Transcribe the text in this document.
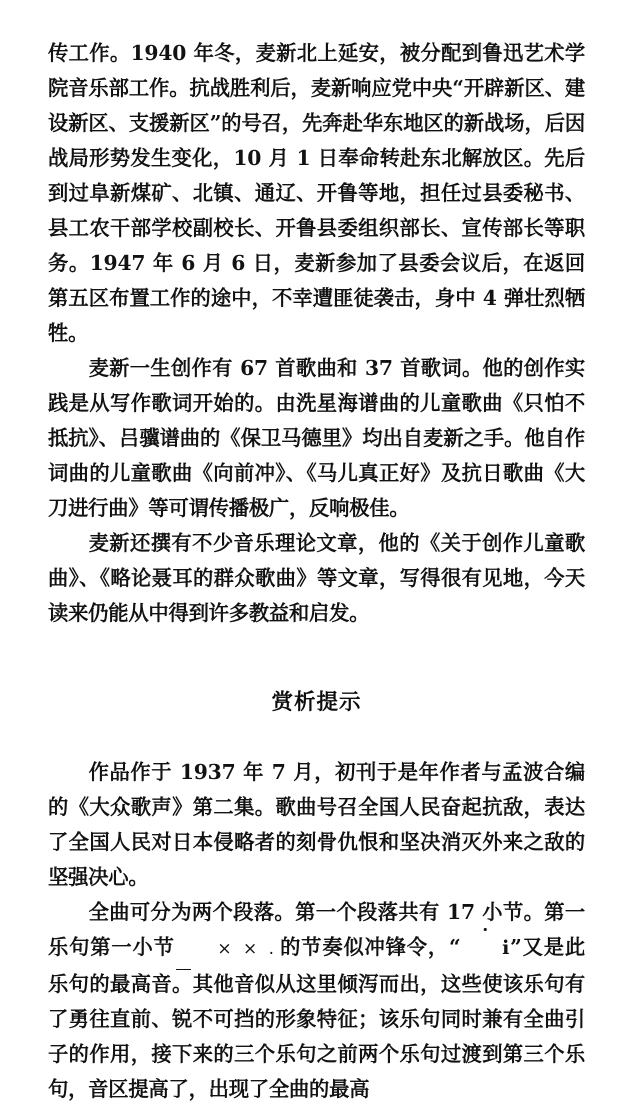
传工作。1940 年冬，麦新北上延安，被分配到鲁迅艺术学院音乐部工作。抗战胜利后，麦新响应党中央“开辟新区、建设新区、支援新区”的号召，先奔赴华东地区的新战场，后因战局形势发生变化，10 月 1 日奉命转赴东北解放区。先后到过阜新煤矿、北镇、通辽、开鲁等地，担任过县委秘书、县工农干部学校副校长、开鲁县委组织部长、宣传部长等职务。1947 年 6 月 6 日，麦新参加了县委会议后，在返回第五区布置工作的途中，不幸遭匪徒袭击，身中 4 弹壮烈牺牲。

麦新一生创作有 67 首歌曲和 37 首歌词。他的创作实践是从写作歌词开始的。由洗星海谱曲的儿童歌曲《只怕不抵抗》、吕骥谱曲的《保卫马德里》均出自麦新之手。他自作词曲的儿童歌曲《向前冲》、《马儿真正好》及抗日歌曲《大刀进行曲》等可谓传播极广，反响极佳。

麦新还撰有不少音乐理论文章，他的《关于创作儿童歌曲》、《略论聂耳的群众歌曲》等文章，写得很有见地，今天读来仍能从中得到许多教益和启发。

赏析提示

作品作于 1937 年 7 月，初刊于是年作者与孟波合编的《大众歌声》第二集。歌曲号召全国人民奋起抗敌，表达了全国人民对日本侵略者的刻骨仇恨和坚决消灭外来之敌的坚强决心。

全曲可分为两个段落。第一个段落共有 17 小节。第一乐句第一小节	× × .
的节奏似冲锋令，“ i”又是此乐句的最高音。其他音似从这里倾泻而出，这些使该乐句有了勇往直前、锐不可挡的形象特征；该乐句同时兼有全曲引子的作用，接下来的三个乐句之前两个乐句过渡到第三个乐句，音区提高了，出现了全曲的最高
